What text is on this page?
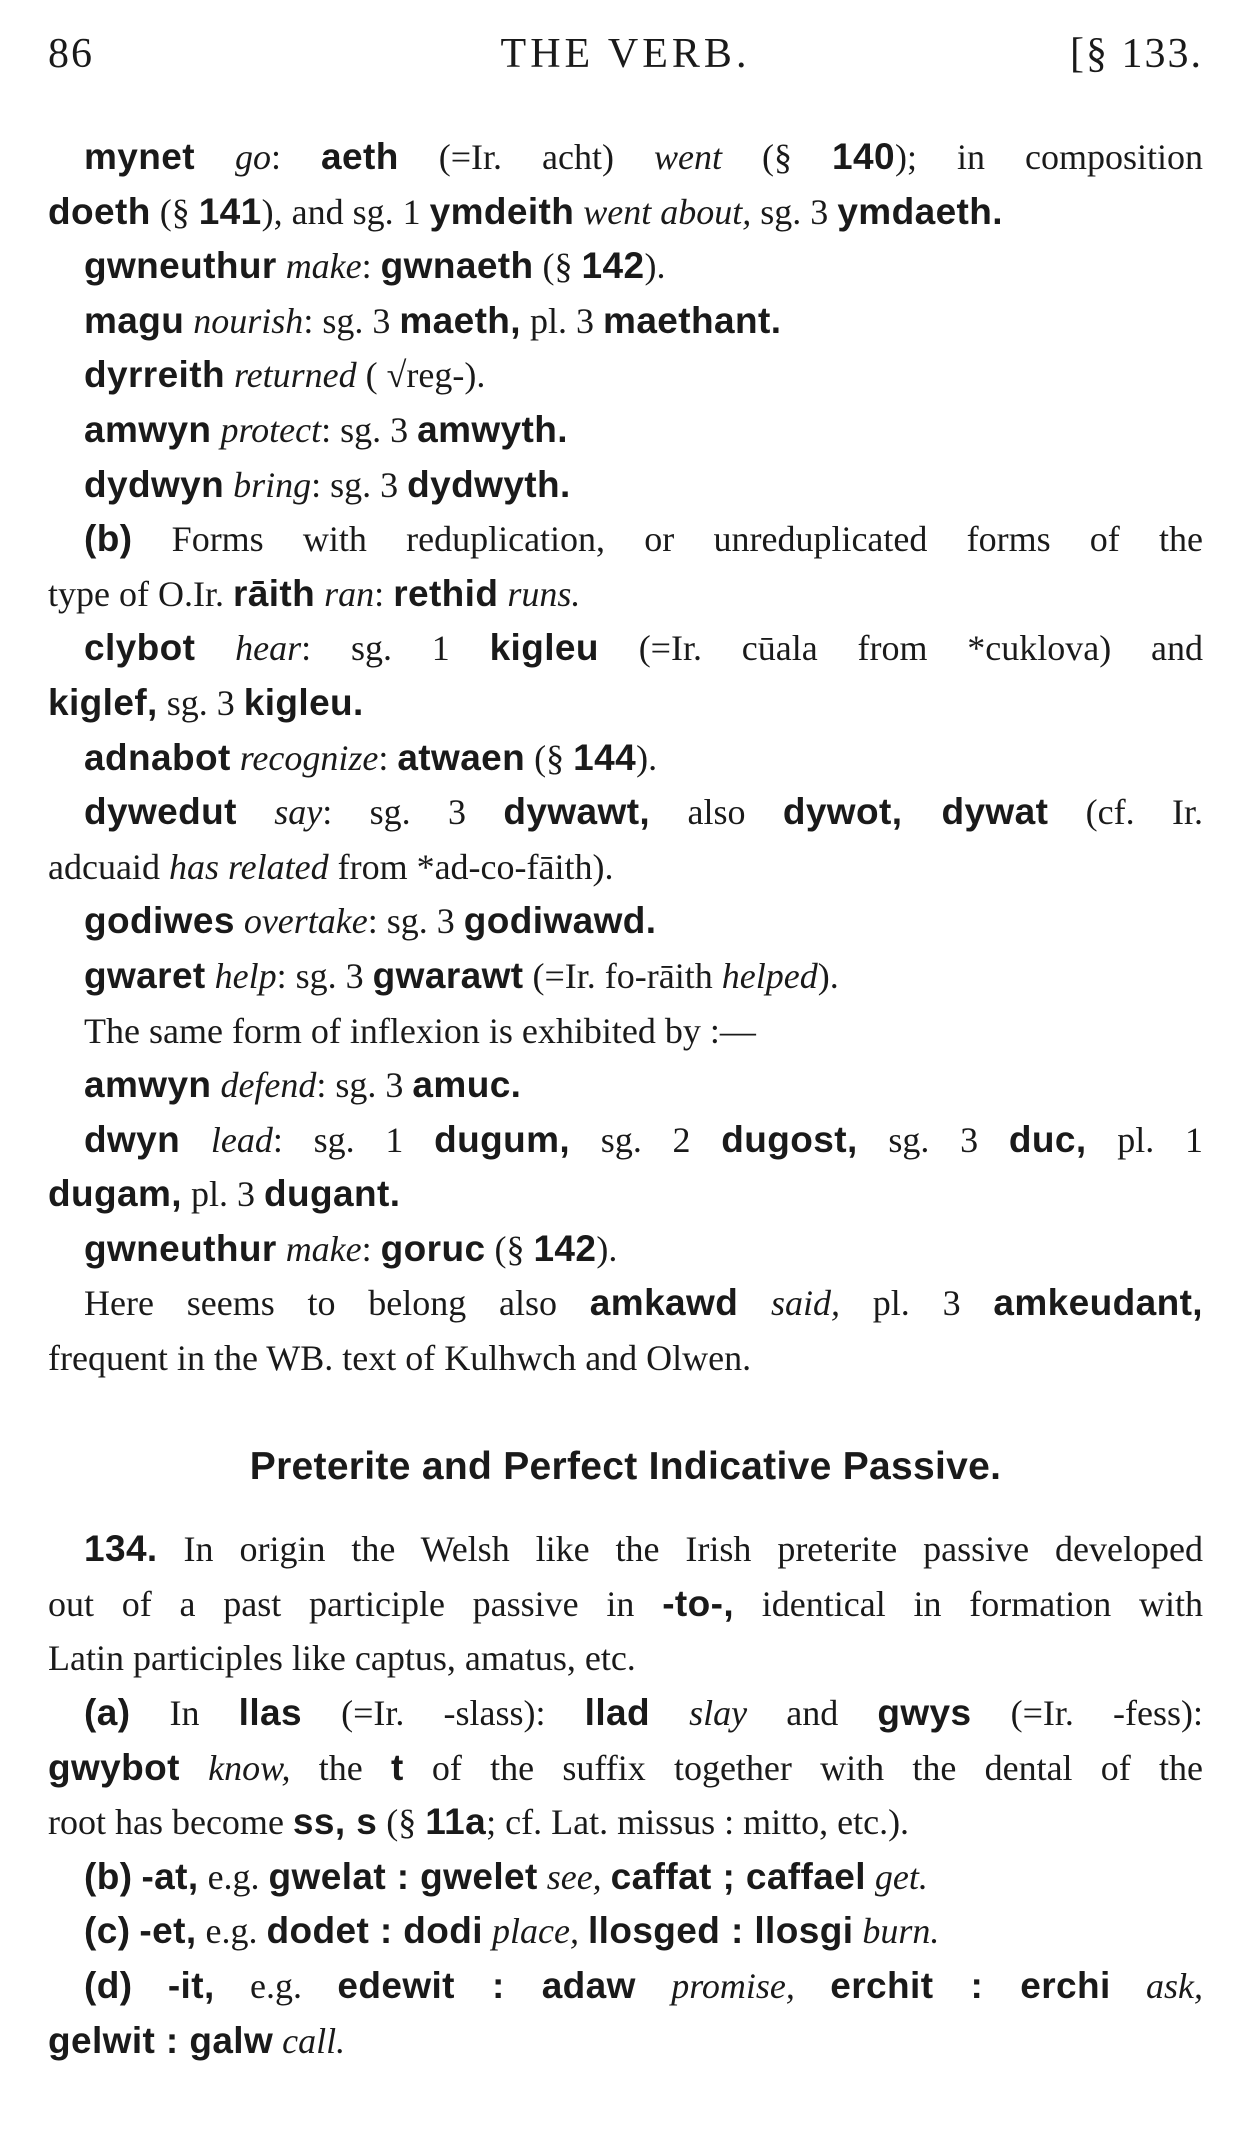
86	THE VERB.	[§ 133.
mynet go: aeth (=Ir. acht) went (§ 140); in composition
doeth (§ 141), and sg. 1 ymdeith went about, sg. 3 ymdaeth.
gwneuthur make: gwnaeth (§ 142).
magu nourish: sg. 3 maeth, pl. 3 maethant.
dyrreith returned ( √reg-).
amwyn protect: sg. 3 amwyth.
dydwyn bring: sg. 3 dydwyth.
(b) Forms with reduplication, or unreduplicated forms of the
type of O.Ir. rāith ran: rethid runs.
clybot hear: sg. 1 kigleu (=Ir. cūala from *cuklova) and
kiglef, sg. 3 kigleu.
adnabot recognize: atwaen (§ 144).
dywedut say: sg. 3 dywawt, also dywot, dywat (cf. Ir.
adcuaid has related from *ad-co-fāith).
godiwes overtake: sg. 3 godiwawd.
gwaret help: sg. 3 gwarawt (=Ir. fo-rāith helped).
The same form of inflexion is exhibited by :—
amwyn defend: sg. 3 amuc.
dwyn lead: sg. 1 dugum, sg. 2 dugost, sg. 3 duc, pl. 1
dugam, pl. 3 dugant.
gwneuthur make: goruc (§ 142).
Here seems to belong also amkawd said, pl. 3 amkeudant,
frequent in the WB. text of Kulhwch and Olwen.
Preterite and Perfect Indicative Passive.
134. In origin the Welsh like the Irish preterite passive developed
out of a past participle passive in -to-, identical in formation with
Latin participles like captus, amatus, etc.
(a) In llas (=Ir. -slass): llad slay and gwys (=Ir. -fess):
gwybot know, the t of the suffix together with the dental of the
root has become ss, s (§ 11a; cf. Lat. missus : mitto, etc.).
(b) -at, e.g. gwelat : gwelet see, caffat ; caffael get.
(c) -et, e.g. dodet : dodi place, llosged : llosgi burn.
(d) -it, e.g. edewit : adaw promise, erchit : erchi ask,
gelwit : galw call.
